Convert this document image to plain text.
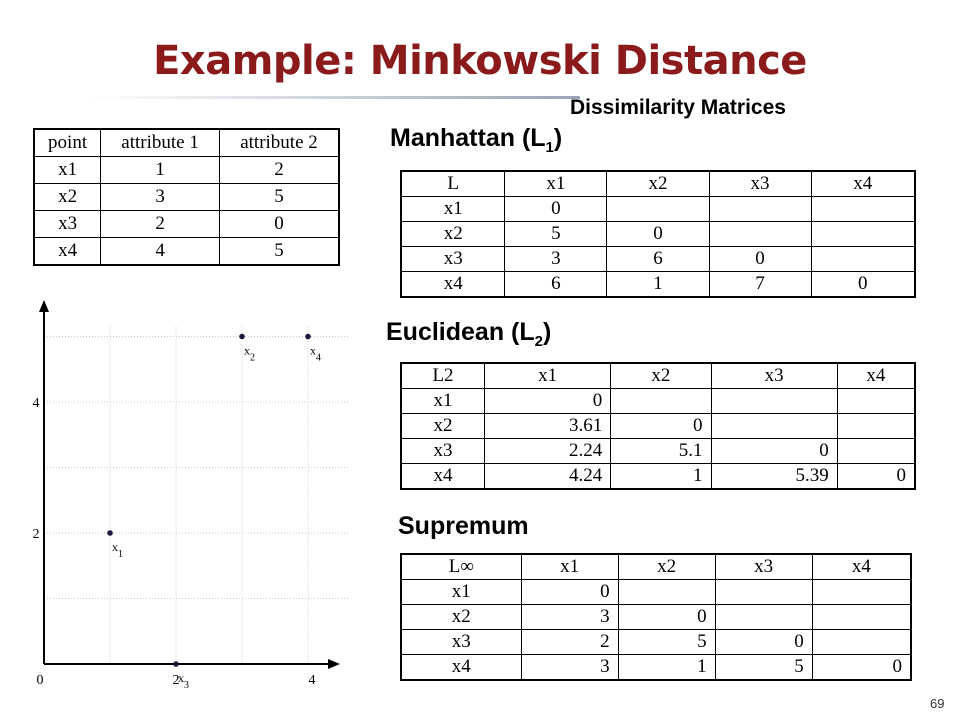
Example: Minkowski Distance
Dissimilarity Matrices
point	attribute 1	attribute 2
x1	1	2
x2	3	5
x3	2	0
x4	4	5
Manhattan $(L_1)$
L	x1	x2	x3	x4
x1	0			
x2	5	0		
x3	3	6	0	
x4	6	1	7	0
Euclidean $(L_2)$
L2	x1	x2	x3	x4
x1	0			
x2	3.61	0		
x3	2.24	5.1	0	
x4	4.24	1	5.39	0
Supremum
L∞	x1	x2	x3	x4
x1	0			
x2	3	0		
x3	2	5	0	
x4	3	1	5	0
0	2	4
2
4
$x_1$
$x_2$
$x_3$
$x_4$
69
